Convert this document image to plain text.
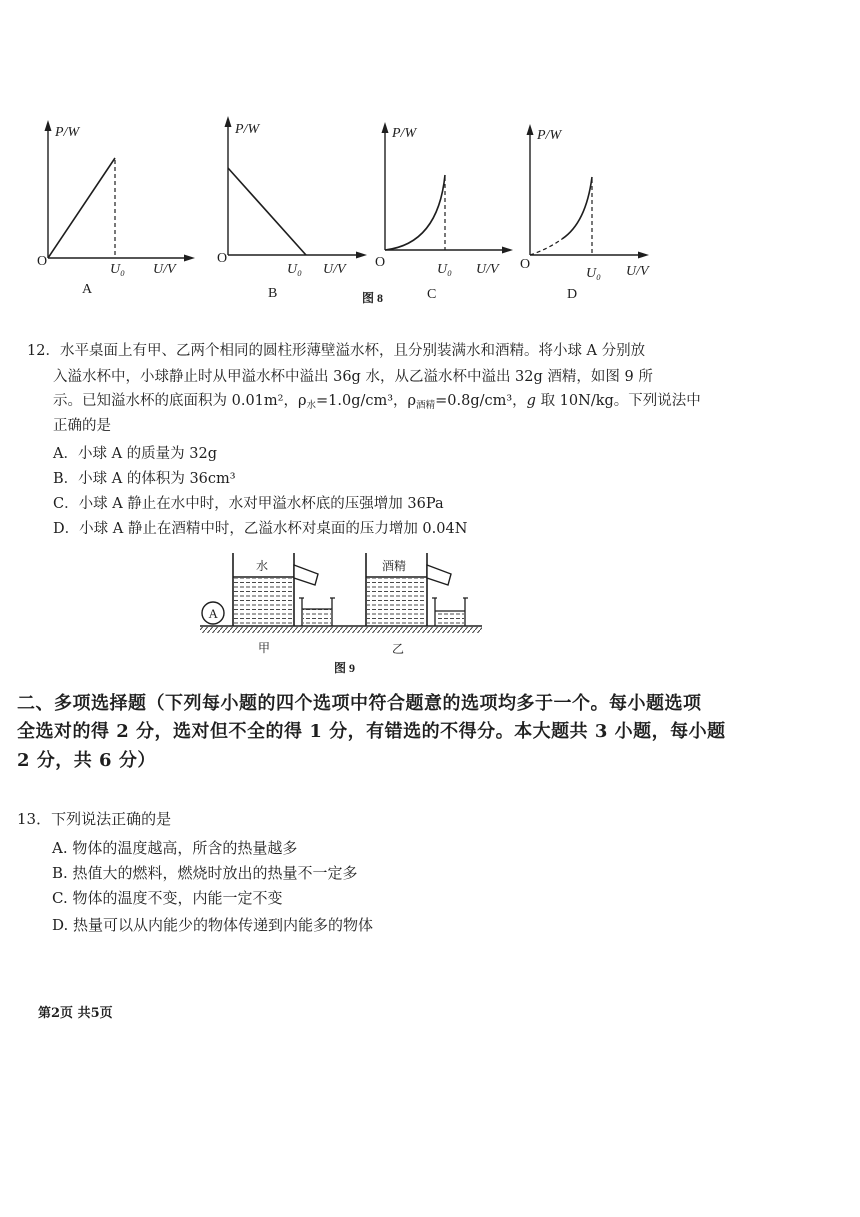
P/W
O
U₀ U/V
A
P/W
O
U₀ U/V
B
P/W
O	U₀ U/V
C
图 8
P/W
O
U₀ U/V
D
12．水平桌面上有甲、乙两个相同的圆柱形薄壁溢水杯，且分别装满水和酒精。将小球 A 分别放
入溢水杯中，小球静止时从甲溢水杯中溢出 36g 水，从乙溢水杯中溢出 32g 酒精，如图 9 所
示。已知溢水杯的底面积为 0.01m²，$\rho_水=1.0g$/cm³，$\rho_{酒精}=0.8g$/cm³，g 取 10N/kg。下列说法中
正确的是
A．小球 A 的质量为 32g
B．小球 A 的体积为 36cm³
C．小球 A 静止在水中时，水对甲溢水杯底的压强增加 36Pa
D．小球 A 静止在酒精中时，乙溢水杯对桌面的压力增加 0.04N
A
水	酒精
甲	乙
图 9
二、多项选择题（下列每小题的四个选项中符合题意的选项均多于一个。每小题选项
全选对的得 2 分，选对但不全的得 1 分，有错选的不得分。本大题共 3 小题，每小题
2 分，共 6 分）
13．下列说法正确的是
A. 物体的温度越高，所含的热量越多
B. 热值大的燃料，燃烧时放出的热量不一定多
C. 物体的温度不变，内能一定不变
D. 热量可以从内能少的物体传递到内能多的物体
第2页 共5页
